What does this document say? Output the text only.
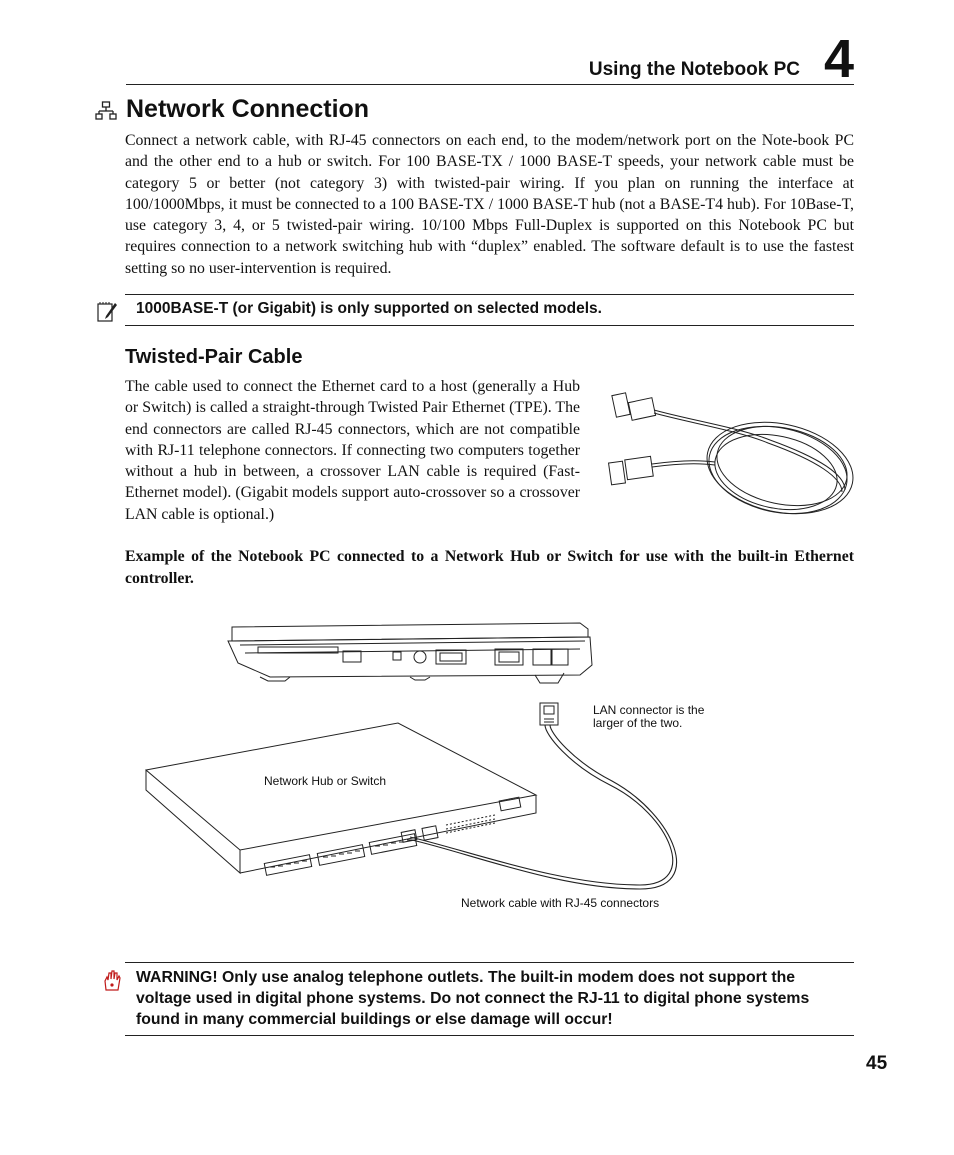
Using the Notebook PC 4
Network Connection
Connect a network cable, with RJ-45 connectors on each end, to the modem/network port on the Note-book PC and the other end to a hub or switch. For 100 BASE-TX / 1000 BASE-T speeds, your network cable must be category 5 or better (not category 3) with twisted-pair wiring. If you plan on running the interface at 100/1000Mbps, it must be connected to a 100 BASE-TX / 1000 BASE-T hub (not a BASE-T4 hub). For 10Base-T, use category 3, 4, or 5 twisted-pair wiring. 10/100 Mbps Full-Duplex is supported on this Notebook PC but requires connection to a network switching hub with “duplex” enabled. The software default is to use the fastest setting so no user-intervention is required.
1000BASE-T (or Gigabit) is only supported on selected models.
Twisted-Pair Cable
The cable used to connect the Ethernet card to a host (generally a Hub or Switch) is called a straight-through Twisted Pair Ethernet (TPE). The end connectors are called RJ-45 connectors, which are not compatible with RJ-11 telephone connectors. If connecting two computers together without a hub in between, a crossover LAN cable is required (Fast-Ethernet model). (Gigabit models support auto-crossover so a crossover LAN cable is optional.)
Example of the Notebook PC connected to a Network Hub or Switch for use with the built-in Ethernet controller.
LAN connector is the larger of the two.
Network Hub or Switch
Network cable with RJ-45 connectors
WARNING! Only use analog telephone outlets. The built-in modem does not support the voltage used in digital phone systems. Do not connect the RJ-11 to digital phone systems found in many commercial buildings or else damage will occur!
45
